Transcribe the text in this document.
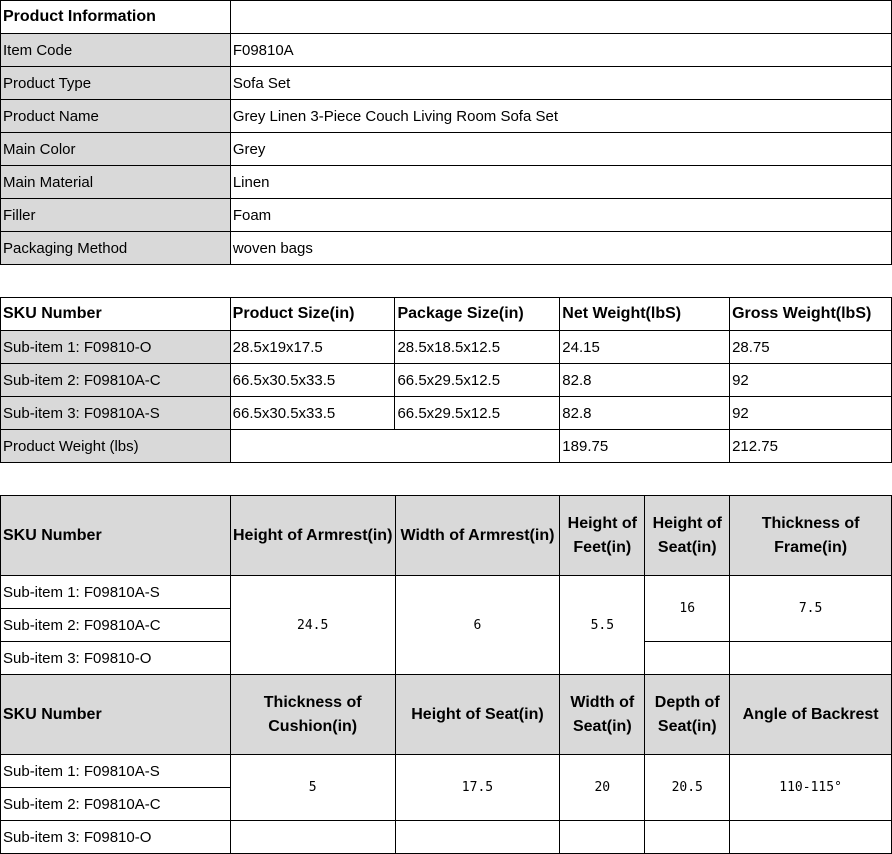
Product Information	
Item Code	F09810A
Product Type	Sofa Set
Product Name	Grey Linen 3-Piece Couch Living Room Sofa Set
Main Color	Grey
Main Material	Linen
Filler	Foam
Packaging Method	woven bags
SKU Number	Product Size(in)	Package Size(in)	Net Weight(lbS)	Gross Weight(lbS)
Sub-item 1: F09810-O	28.5x19x17.5	28.5x18.5x12.5	24.15	28.75
Sub-item 2: F09810A-C	66.5x30.5x33.5	66.5x29.5x12.5	82.8	92
Sub-item 3: F09810A-S	66.5x30.5x33.5	66.5x29.5x12.5	82.8	92
Product Weight (lbs)			189.75	212.75
SKU Number	Height of Armrest(in)	Width of Armrest(in)	Height of Feet(in)	Height of Seat(in)	Thickness of Frame(in)
Sub-item 1: F09810A-S	24.5	6	5.5	16	7.5
Sub-item 2: F09810A-C					
Sub-item 3: F09810-O					
SKU Number	Thickness of Cushion(in)	Height of Seat(in)	Width of Seat(in)	Depth of Seat(in)	Angle of Backrest
Sub-item 1: F09810A-S	5	17.5	20	20.5	110-115°
Sub-item 2: F09810A-C					
Sub-item 3: F09810-O					
